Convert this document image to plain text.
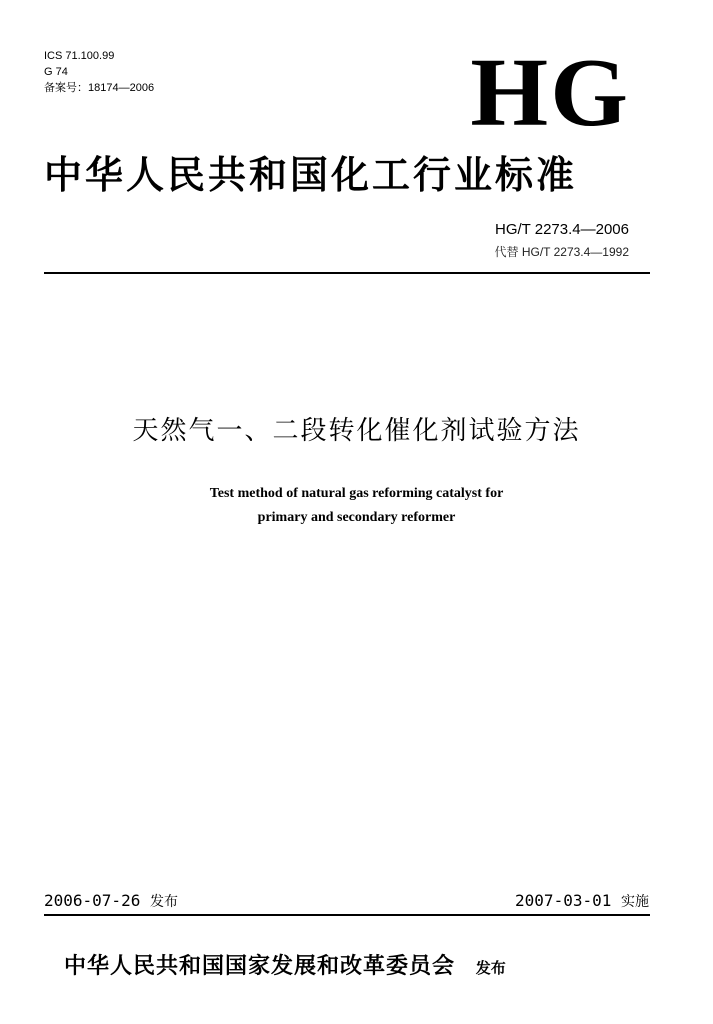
ICS 71.100.99
G 74
备案号：18174—2006	HG
中华人民共和国化工行业标准
HG/T 2273.4—2006
代替 HG/T 2273.4—1992
天然气一、二段转化催化剂试验方法
Test method of natural gas reforming catalyst for
primary and secondary reformer
2006-07-26 发布	2007-03-01 实施
中华人民共和国国家发展和改革委员会 发布
